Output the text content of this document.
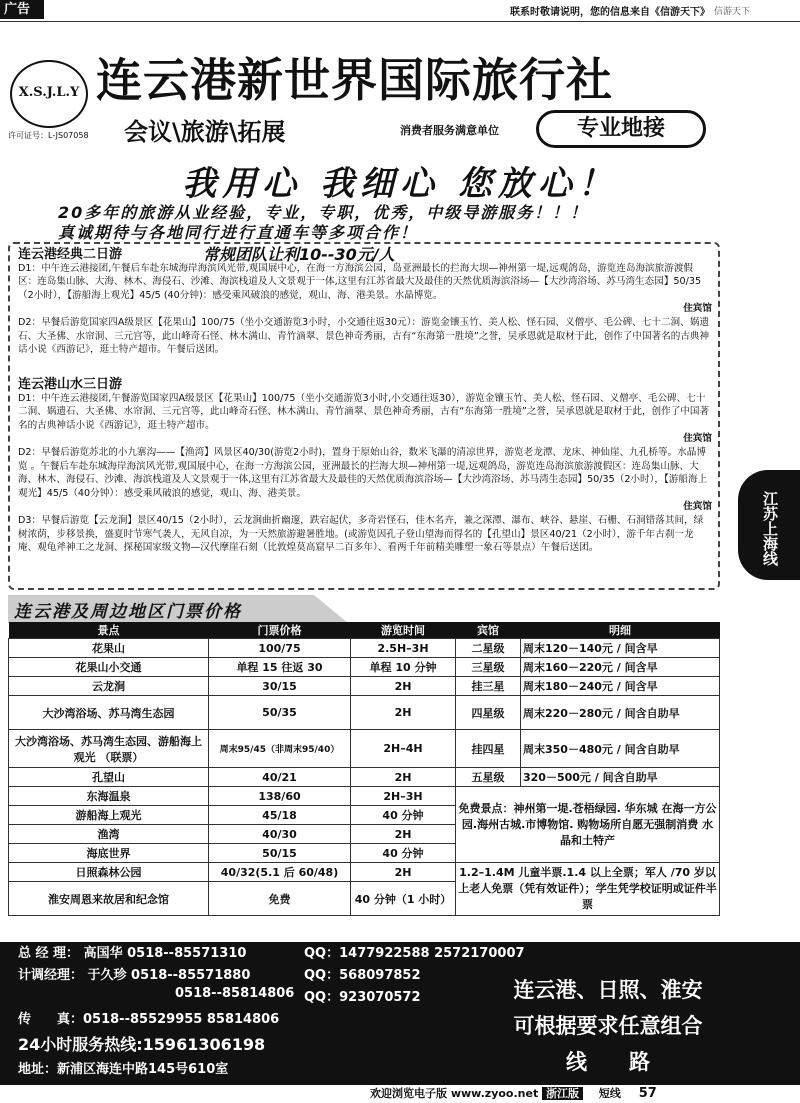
广告	联系时敬请说明，您的信息来自《信游天下》 信游天下
X.S.J.L.Y
许可证号：L-JS07058
连云港新世界国际旅行社
会议\旅游\拓展	消费者服务满意单位	专业地接
我用心 我细心 您放心！
20多年的旅游从业经验，专业，专职，优秀，中级导游服务！！！
真诚期待与各地同行进行直通车等多项合作！
连云港经典二日游	常规团队让利10--30元/人
D1：中午连云港接团,午餐后车赴东城海岸海滨风光带,观国展中心，在海一方海滨公园，岛亚洲最长的拦海大坝—神州第一堤,远观鸽岛，游览连岛海滨旅游渡假区：连岛集山脉、大海、林木、海侵石、沙滩、海滨栈道及人文景观于一体,这里有江苏省最大及最佳的天然优质海滨浴场—【大沙湾浴场、苏马湾生态园】50/35（2小时），【游船海上观光】45/5 (40分钟)：感受乘风破浪的感觉，观山、海、港美景。水晶博览。
住宾馆
D2：早餐后游览国家四A级景区【花果山】100/75（坐小交通游览3小时，小交通往返30元）：游览金镶玉竹、美人松、怪石园、义僧亭、毛公碑、七十二洞、娲遗石、大圣佛、水帘洞、三元宫等，此山峰奇石怪、林木满山、青竹滴翠、景色神奇秀丽，古有“东海第一胜境”之誉，吴承恩就是取材于此，创作了中国著名的古典神话小说《西游记》，逛土特产超市。午餐后送团。
连云港山水三日游
D1：中午连云港接团,午餐游览国家四A级景区【花果山】100/75（坐小交通游览3小时,小交通往返30），游览金镶玉竹、美人松、怪石园、义僧亭、毛公碑、七十二洞、娲遗石、大圣佛、水帘洞、三元宫等，此山峰奇石怪、林木满山、青竹滴翠、景色神奇秀丽，古有“东海第一胜境”之誉，吴承恩就是取材于此，创作了中国著名的古典神话小说《西游记》，逛土特产超市。
住宾馆
D2：早餐后游览苏北的小九寨沟——【渔湾】风景区40/30(游览2小时)，置身于原始山谷，数米飞瀑的清凉世界，游览老龙潭、龙床、神仙崖、九孔桥等。水晶博览 。午餐后车赴东城海岸海滨风光带,观国展中心，在海一方海滨公园，亚洲最长的拦海大坝—神州第一堤,远观鸽岛，游览连岛海滨旅游渡假区：连岛集山脉、大海、林木、海侵石、沙滩、海滨栈道及人文景观于一体,这里有江苏省最大及最佳的天然优质海滨浴场—【大沙湾浴场、苏马湾生态园】50/35（2小时），【游船海上观光】45/5（40分钟）：感受乘风破浪的感觉，观山、海、港美景。
住宾馆
D3：早餐后游览【云龙涧】景区40/15（2小时），云龙涧曲折幽邃，跌宕起伏，多奇岩怪石，佳木名卉，兼之深潭、瀑布、峡谷、悬崖、石栅、石洞错落其间，绿树浓荫，步移景换，盛夏时节寒气袭人，无风自凉，为一天然旅游避暑胜地。(或游览因孔子登山望海而得名的【孔望山】景区40/21（2小时），游千年古刹一龙庵、观龟斧神工之龙洞、探秘国家级文物—汉代摩崖石刻（比敦煌莫高窟早二百多年）、看两千年前精美雕塑一象石等景点）午餐后送团。	江苏上海线
连云港及周边地区门票价格
景点	门票价格	游览时间	宾馆	明细
花果山	100/75	2.5H–3H	二星级	周末120－140元 / 间含早
花果山小交通	单程 15 往返 30	单程 10 分钟	三星级	周末160－220元 / 间含早
云龙涧	30/15	2H	挂三星	周末180－240元 / 间含早
大沙湾浴场、苏马湾生态园	50/35	2H	四星级	周末220－280元 / 间含自助早
大沙湾浴场、苏马湾生态园、游船海上观光 （联票）	周末95/45（非周末95/40）	2H–4H	挂四星	周末350－480元 / 间含自助早
孔望山	40/21	2H	五星级	320－500元 / 间含自助早
东海温泉	138/60	2H–3H	免费景点：神州第一堤.苍梧绿园. 华东城 在海一方公园.海州古城.市博物馆. 购物场所自愿无强制消费 水晶和土特产	
游船海上观光	45/18	40 分钟		
渔湾	40/30	2H		
海底世界	50/15	40 分钟		
日照森林公园	40/32(5.1 后 60/48)	2H	1.2–1.4M 儿童半票.1.4 以上全票；军人 /70 岁以上老人免票（凭有效证件）；学生凭学校证明或证件半票	
淮安周恩来故居和纪念馆	免费	40 分钟（1 小时）		
总 经 理： 高国华 0518--85571310
计调经理： 于久珍 0518--85571880
0518--85814806
传　　真：0518--85529955 85814806
24小时服务热线:15961306198
地址：新浦区海连中路145号610室
QQ：1477922588 2572170007
QQ：568097852
QQ：923070572	连云港、日照、淮安
可根据要求任意组合
线　　路
欢迎浏览电子版 www.zyoo.net 浙江版 短线 57
